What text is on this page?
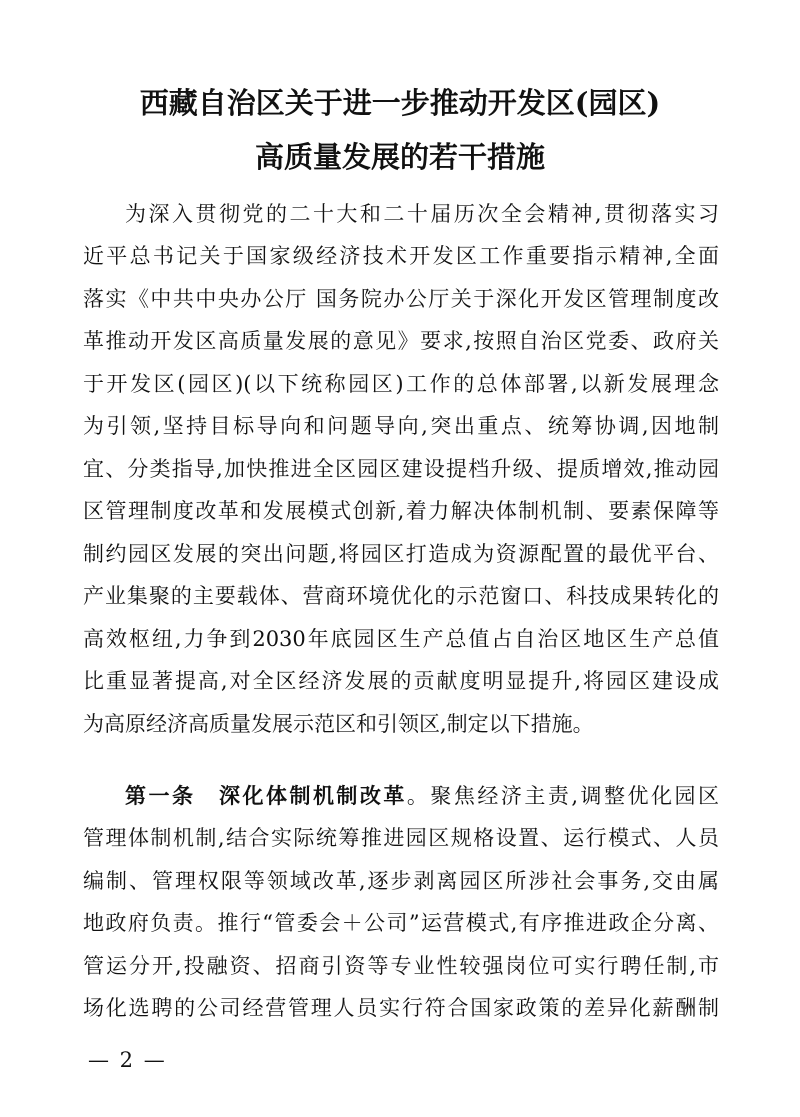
西藏自治区关于进一步推动开发区(园区)
高质量发展的若干措施
为深入贯彻党的二十大和二十届历次全会精神,贯彻落实习
近平总书记关于国家级经济技术开发区工作重要指示精神,全面
落实《中共中央办公厅 国务院办公厅关于深化开发区管理制度改
革推动开发区高质量发展的意见》要求,按照自治区党委、政府关
于开发区(园区)(以下统称园区)工作的总体部署,以新发展理念
为引领,坚持目标导向和问题导向,突出重点、统筹协调,因地制
宜、分类指导,加快推进全区园区建设提档升级、提质增效,推动园
区管理制度改革和发展模式创新,着力解决体制机制、要素保障等
制约园区发展的突出问题,将园区打造成为资源配置的最优平台、
产业集聚的主要载体、营商环境优化的示范窗口、科技成果转化的
高效枢纽,力争到2030年底园区生产总值占自治区地区生产总值
比重显著提高,对全区经济发展的贡献度明显提升,将园区建设成
为高原经济高质量发展示范区和引领区,制定以下措施。
第一条　深化体制机制改革。聚焦经济主责,调整优化园区
管理体制机制,结合实际统筹推进园区规格设置、运行模式、人员
编制、管理权限等领域改革,逐步剥离园区所涉社会事务,交由属
地政府负责。推行“管委会＋公司”运营模式,有序推进政企分离、
管运分开,投融资、招商引资等专业性较强岗位可实行聘任制,市
场化选聘的公司经营管理人员实行符合国家政策的差异化薪酬制
— 2 —
